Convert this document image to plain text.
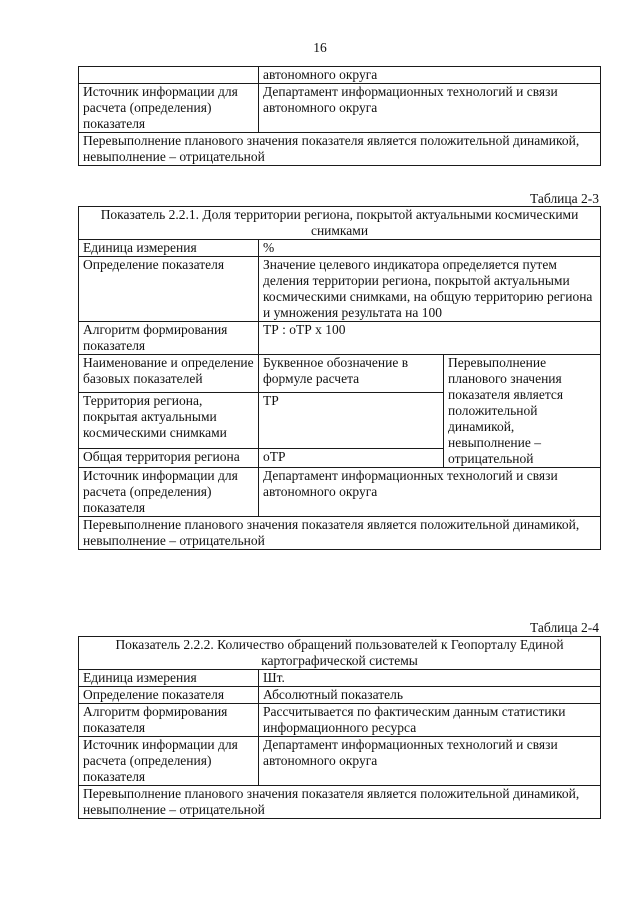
16
	автономного округа
Источник информации для расчета (определения) показателя	Департамент информационных технологий и связи автономного округа
Перевыполнение планового значения показателя является положительной динамикой, невыполнение – отрицательной	
Таблица 2-3
Показатель 2.2.1. Доля территории региона, покрытой актуальными космическими снимками		
Единица измерения	%	
Определение показателя	Значение целевого индикатора определяется путем деления территории региона, покрытой актуальными космическими снимками, на общую территорию региона и умножения результата на 100	
Алгоритм формирования показателя	ТР : оТР х 100	
Наименование и определение базовых показателей	Буквенное обозначение в формуле расчета	Перевыполнение планового значения показателя является положительной динамикой, невыполнение – отрицательной
Территория региона, покрытая актуальными космическими снимками	ТР	
Общая территория региона	оТР	
Источник информации для расчета (определения) показателя	Департамент информационных технологий и связи автономного округа	
Перевыполнение планового значения показателя является положительной динамикой, невыполнение – отрицательной		
Таблица 2-4
Показатель 2.2.2. Количество обращений пользователей к Геопорталу Единой картографической системы	
Единица измерения	Шт.
Определение показателя	Абсолютный показатель
Алгоритм формирования показателя	Рассчитывается по фактическим данным статистики информационного ресурса
Источник информации для расчета (определения) показателя	Департамент информационных технологий и связи автономного округа
Перевыполнение планового значения показателя является положительной динамикой, невыполнение – отрицательной	
